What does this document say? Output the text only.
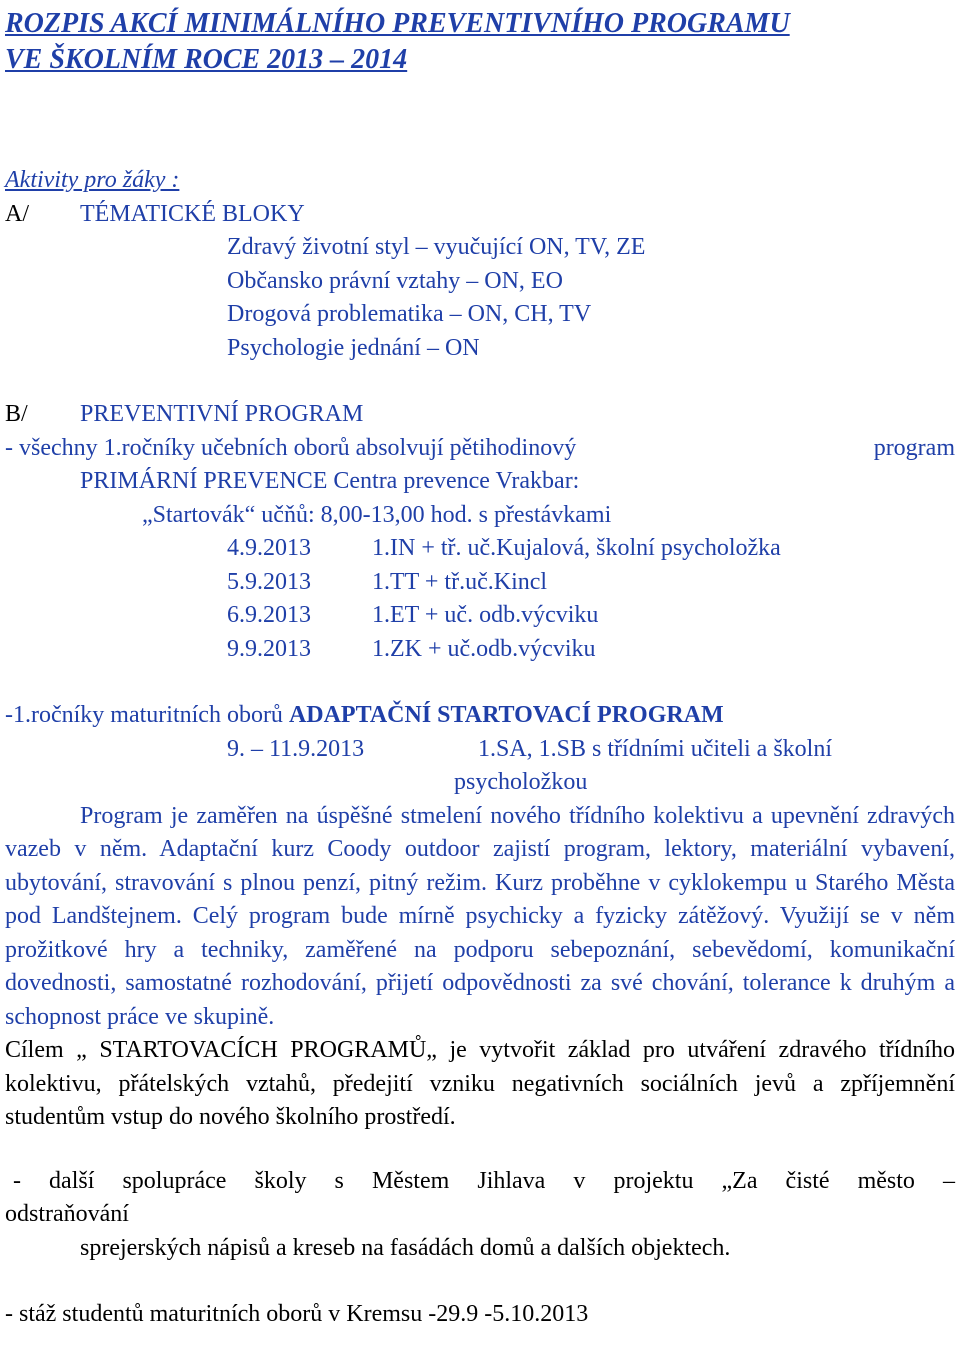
ROZPIS AKCÍ MINIMÁLNÍHO PREVENTIVNÍHO PROGRAMU
VE ŠKOLNÍM ROCE 2013 – 2014
Aktivity pro žáky :
A/ TÉMATICKÉ BLOKY
Zdravý životní styl – vyučující ON, TV, ZE
Občansko právní vztahy – ON, EO
Drogová problematika – ON, CH, TV
Psychologie jednání – ON
B/ PREVENTIVNÍ PROGRAM
- všechny 1.ročníky učebních oborů absolvují pětihodinový	program
PRIMÁRNÍ PREVENCE Centra prevence Vrakbar:
„Startovák“ učňů: 8,00-13,00 hod. s přestávkami
4.9.2013	1.IN + tř. uč.Kujalová, školní psycholožka
5.9.2013	1.TT + tř.uč.Kincl
6.9.2013	1.ET + uč. odb.výcviku
9.9.2013	1.ZK + uč.odb.výcviku
-1.ročníky maturitních oborů ADAPTAČNÍ STARTOVACÍ PROGRAM
9. – 11.9.2013	1.SA, 1.SB s třídními učiteli a školní
psycholožkou
Program je zaměřen na úspěšné stmelení nového třídního kolektivu a upevnění zdravých vazeb v něm. Adaptační kurz Coody outdoor zajistí program, lektory, materiální vybavení, ubytování, stravování s plnou penzí, pitný režim. Kurz proběhne v cyklokempu u Starého Města pod Landštejnem. Celý program bude mírně psychicky a fyzicky zátěžový. Využijí se v něm prožitkové hry a techniky, zaměřené na podporu sebepoznání, sebevědomí, komunikační dovednosti, samostatné rozhodování, přijetí odpovědnosti za své chování, tolerance k druhým a schopnost práce ve skupině.
Cílem „ STARTOVACÍCH PROGRAMŮ„ je vytvořit základ pro utváření zdravého třídního kolektivu, přátelských vztahů, předejití vzniku negativních sociálních jevů a zpříjemnění studentům vstup do nového školního prostředí.
- další spolupráce školy s Městem Jihlava v projektu „Za čisté město –
odstraňování
sprejerských nápisů a kreseb na fasádách domů a dalších objektech.
- stáž studentů maturitních oborů v Kremsu -29.9 -5.10.2013
